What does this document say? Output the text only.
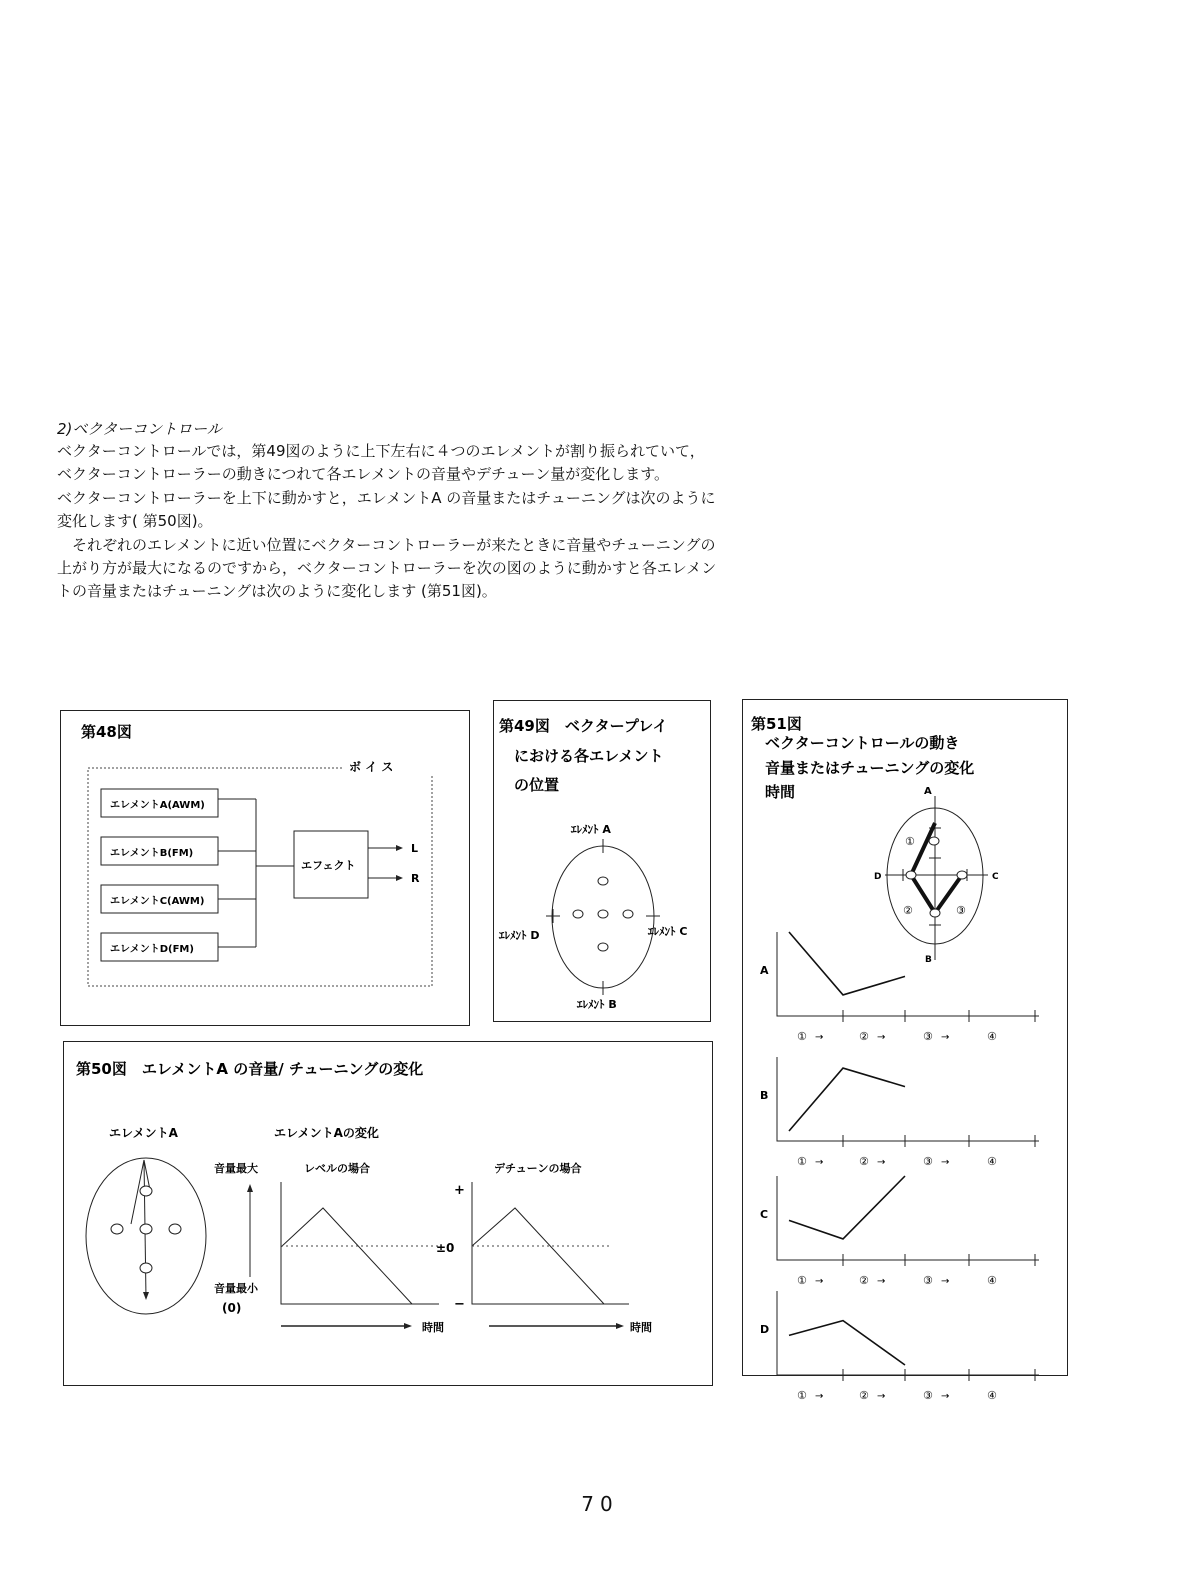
2)ベクターコントロール

ベクターコントロールでは，第49図のように上下左右に４つのエレメントが割り振られていて，ベクターコントローラーの動きにつれて各エレメントの音量やデチューン量が変化します。

ベクターコントローラーを上下に動かすと，エレメントA の音量またはチューニングは次のように変化します( 第50図)。

それぞれのエレメントに近い位置にベクターコントローラーが来たときに音量やチューニングの上がり方が最大になるのですから，ベクターコントローラーを次の図のように動かすと各エレメントの音量またはチューニングは次のように変化します (第51図)。

第48図
ボ イ ス
エレメントA(AWM)
エレメントB(FM)
エレメントC(AWM)
エレメントD(FM)
エフェクト
L
R
第49図　ベクタープレイ
における各エレメント
の位置
ｴﾚﾒﾝﾄ A
ｴﾚﾒﾝﾄ D	ｴﾚﾒﾝﾄ C
ｴﾚﾒﾝﾄ B
第50図　エレメントA の音量/ チューニングの変化
エレメントA	エレメントAの変化
音量最大
音量最小
(0)
レベルの場合
+
±0
−
デチューンの場合
時間	時間
第51図
ベクターコントロールの動き
音量またはチューニングの変化
時間	A
D	C
B
①
②	③
A
① →	② →	③ →	④
B
① →	② →	③ →	④
C
① →	② →	③ →	④
D
① →	② →	③ →	④
70
